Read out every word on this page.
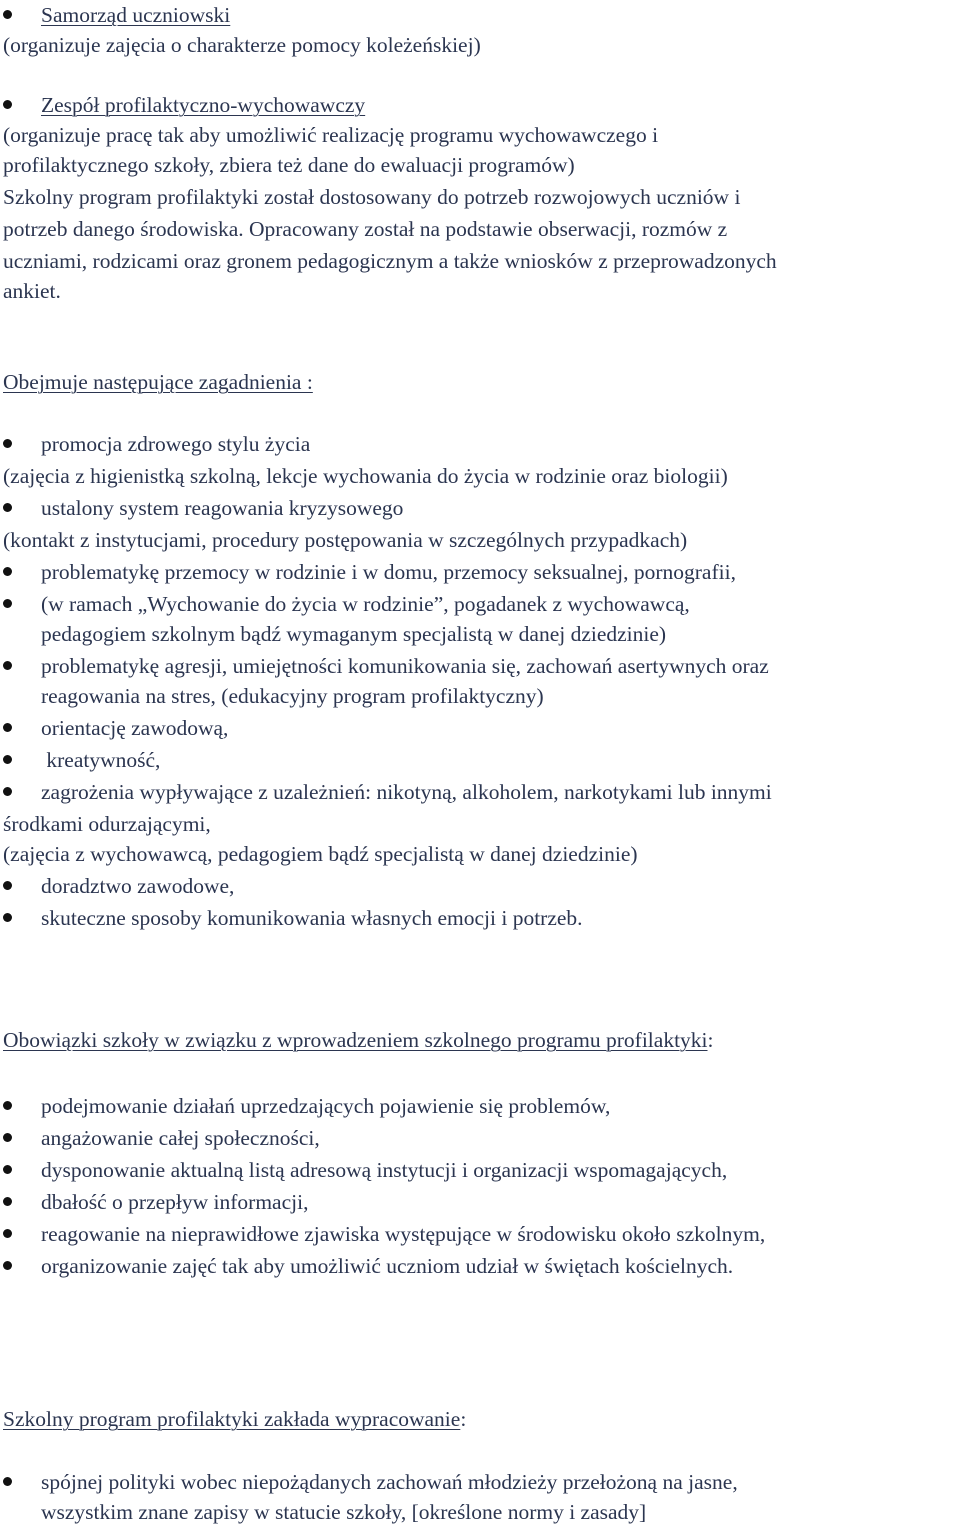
Samorząd uczniowski
(organizuje zajęcia o charakterze pomocy koleżeńskiej)
Zespół profilaktyczno-wychowawczy
(organizuje pracę tak aby umożliwić realizację programu wychowawczego i
profilaktycznego szkoły, zbiera też dane do ewaluacji programów)
Szkolny program profilaktyki został dostosowany do potrzeb rozwojowych uczniów i
potrzeb danego środowiska. Opracowany został na podstawie obserwacji, rozmów z
uczniami, rodzicami oraz gronem pedagogicznym a także wniosków z przeprowadzonych
ankiet.
Obejmuje następujące zagadnienia :
promocja zdrowego stylu życia
(zajęcia z higienistką szkolną, lekcje wychowania do życia w rodzinie oraz biologii)
ustalony system reagowania kryzysowego
(kontakt z instytucjami, procedury postępowania w szczególnych przypadkach)
problematykę przemocy w rodzinie i w domu, przemocy seksualnej, pornografii,
(w ramach „Wychowanie do życia w rodzinie”, pogadanek z wychowawcą,
pedagogiem szkolnym bądź wymaganym specjalistą w danej dziedzinie)
problematykę agresji, umiejętności komunikowania się, zachowań asertywnych oraz
reagowania na stres, (edukacyjny program profilaktyczny)
orientację zawodową,
kreatywność,
zagrożenia wypływające z uzależnień: nikotyną, alkoholem, narkotykami lub innymi
środkami odurzającymi,
(zajęcia z wychowawcą, pedagogiem bądź specjalistą w danej dziedzinie)
doradztwo zawodowe,
skuteczne sposoby komunikowania własnych emocji i potrzeb.
Obowiązki szkoły w związku z wprowadzeniem szkolnego programu profilaktyki:
podejmowanie działań uprzedzających pojawienie się problemów,
angażowanie całej społeczności,
dysponowanie aktualną listą adresową instytucji i organizacji wspomagających,
dbałość o przepływ informacji,
reagowanie na nieprawidłowe zjawiska występujące w środowisku około szkolnym,
organizowanie zajęć tak aby umożliwić uczniom udział w świętach kościelnych.
Szkolny program profilaktyki zakłada wypracowanie:
spójnej polityki wobec niepożądanych zachowań młodzieży przełożoną na jasne,
wszystkim znane zapisy w statucie szkoły, [określone normy i zasady]
